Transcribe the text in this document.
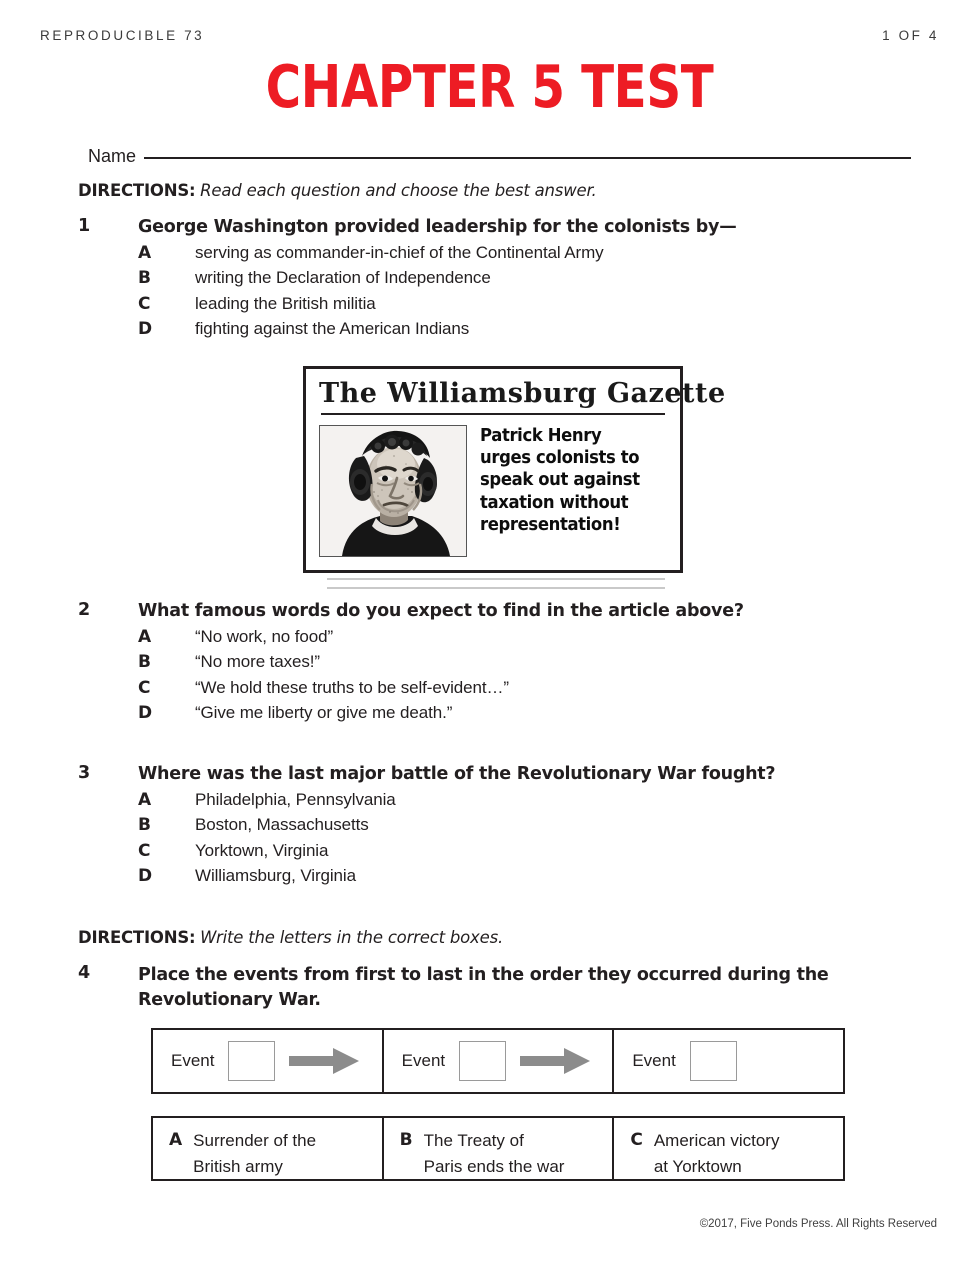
REPRODUCIBLE 73	1 OF 4
CHAPTER 5 TEST
Name
DIRECTIONS: Read each question and choose the best answer.
1	George Washington provided leadership for the colonists by—
A	serving as commander-in-chief of the Continental Army
B	writing the Declaration of Independence
C	leading the British militia
D	fighting against the American Indians
The Williamsburg Gazette
Patrick Henry
urges colonists to
speak out against
taxation without
representation!
2	What famous words do you expect to find in the article above?
A	“No work, no food”
B	“No more taxes!”
C	“We hold these truths to be self-evident…”
D	“Give me liberty or give me death.”
3	Where was the last major battle of the Revolutionary War fought?
A	Philadelphia, Pennsylvania
B	Boston, Massachusetts
C	Yorktown, Virginia
D	Williamsburg, Virginia
DIRECTIONS: Write the letters in the correct boxes.
4	Place the events from first to last in the order they occurred during the Revolutionary War.
Event	Event	Event
A Surrender of the
British army
B The Treaty of
Paris ends the war
C American victory
at Yorktown
©2017, Five Ponds Press. All Rights Reserved
